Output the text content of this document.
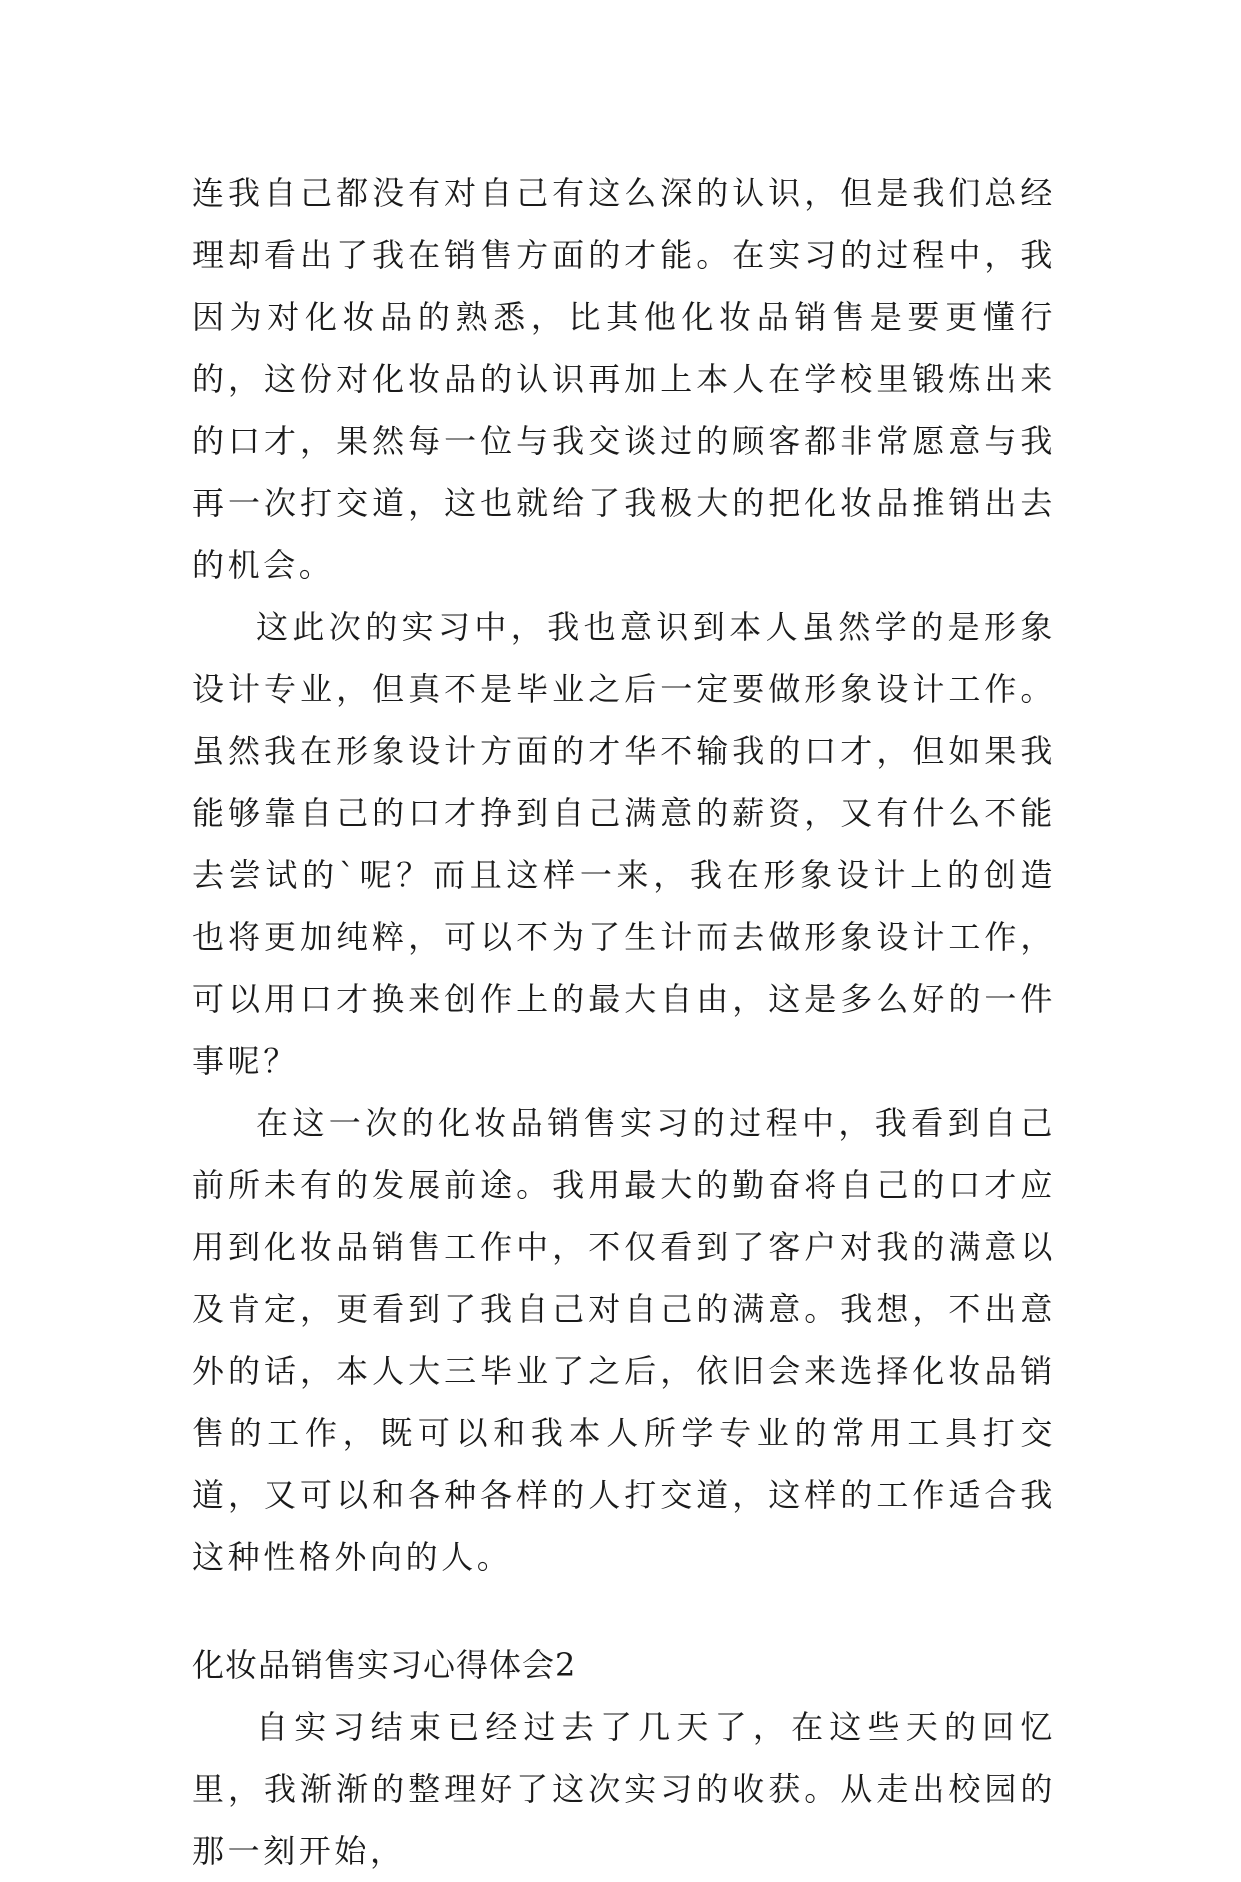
连我自己都没有对自己有这么深的认识，但是我们总经理却看出了我在销售方面的才能。在实习的过程中，我因为对化妆品的熟悉，比其他化妆品销售是要更懂行的，这份对化妆品的认识再加上本人在学校里锻炼出来的口才，果然每一位与我交谈过的顾客都非常愿意与我再一次打交道，这也就给了我极大的把化妆品推销出去的机会。

这此次的实习中，我也意识到本人虽然学的是形象设计专业，但真不是毕业之后一定要做形象设计工作。虽然我在形象设计方面的才华不输我的口才，但如果我能够靠自己的口才挣到自己满意的薪资，又有什么不能去尝试的`呢？而且这样一来，我在形象设计上的创造也将更加纯粹，可以不为了生计而去做形象设计工作，可以用口才换来创作上的最大自由，这是多么好的一件事呢？

在这一次的化妆品销售实习的过程中，我看到自己前所未有的发展前途。我用最大的勤奋将自己的口才应用到化妆品销售工作中，不仅看到了客户对我的满意以及肯定，更看到了我自己对自己的满意。我想，不出意外的话，本人大三毕业了之后，依旧会来选择化妆品销售的工作，既可以和我本人所学专业的常用工具打交道，又可以和各种各样的人打交道，这样的工作适合我这种性格外向的人。

化妆品销售实习心得体会2

自实习结束已经过去了几天了，在这些天的回忆里，我渐渐的整理好了这次实习的收获。从走出校园的那一刻开始，
